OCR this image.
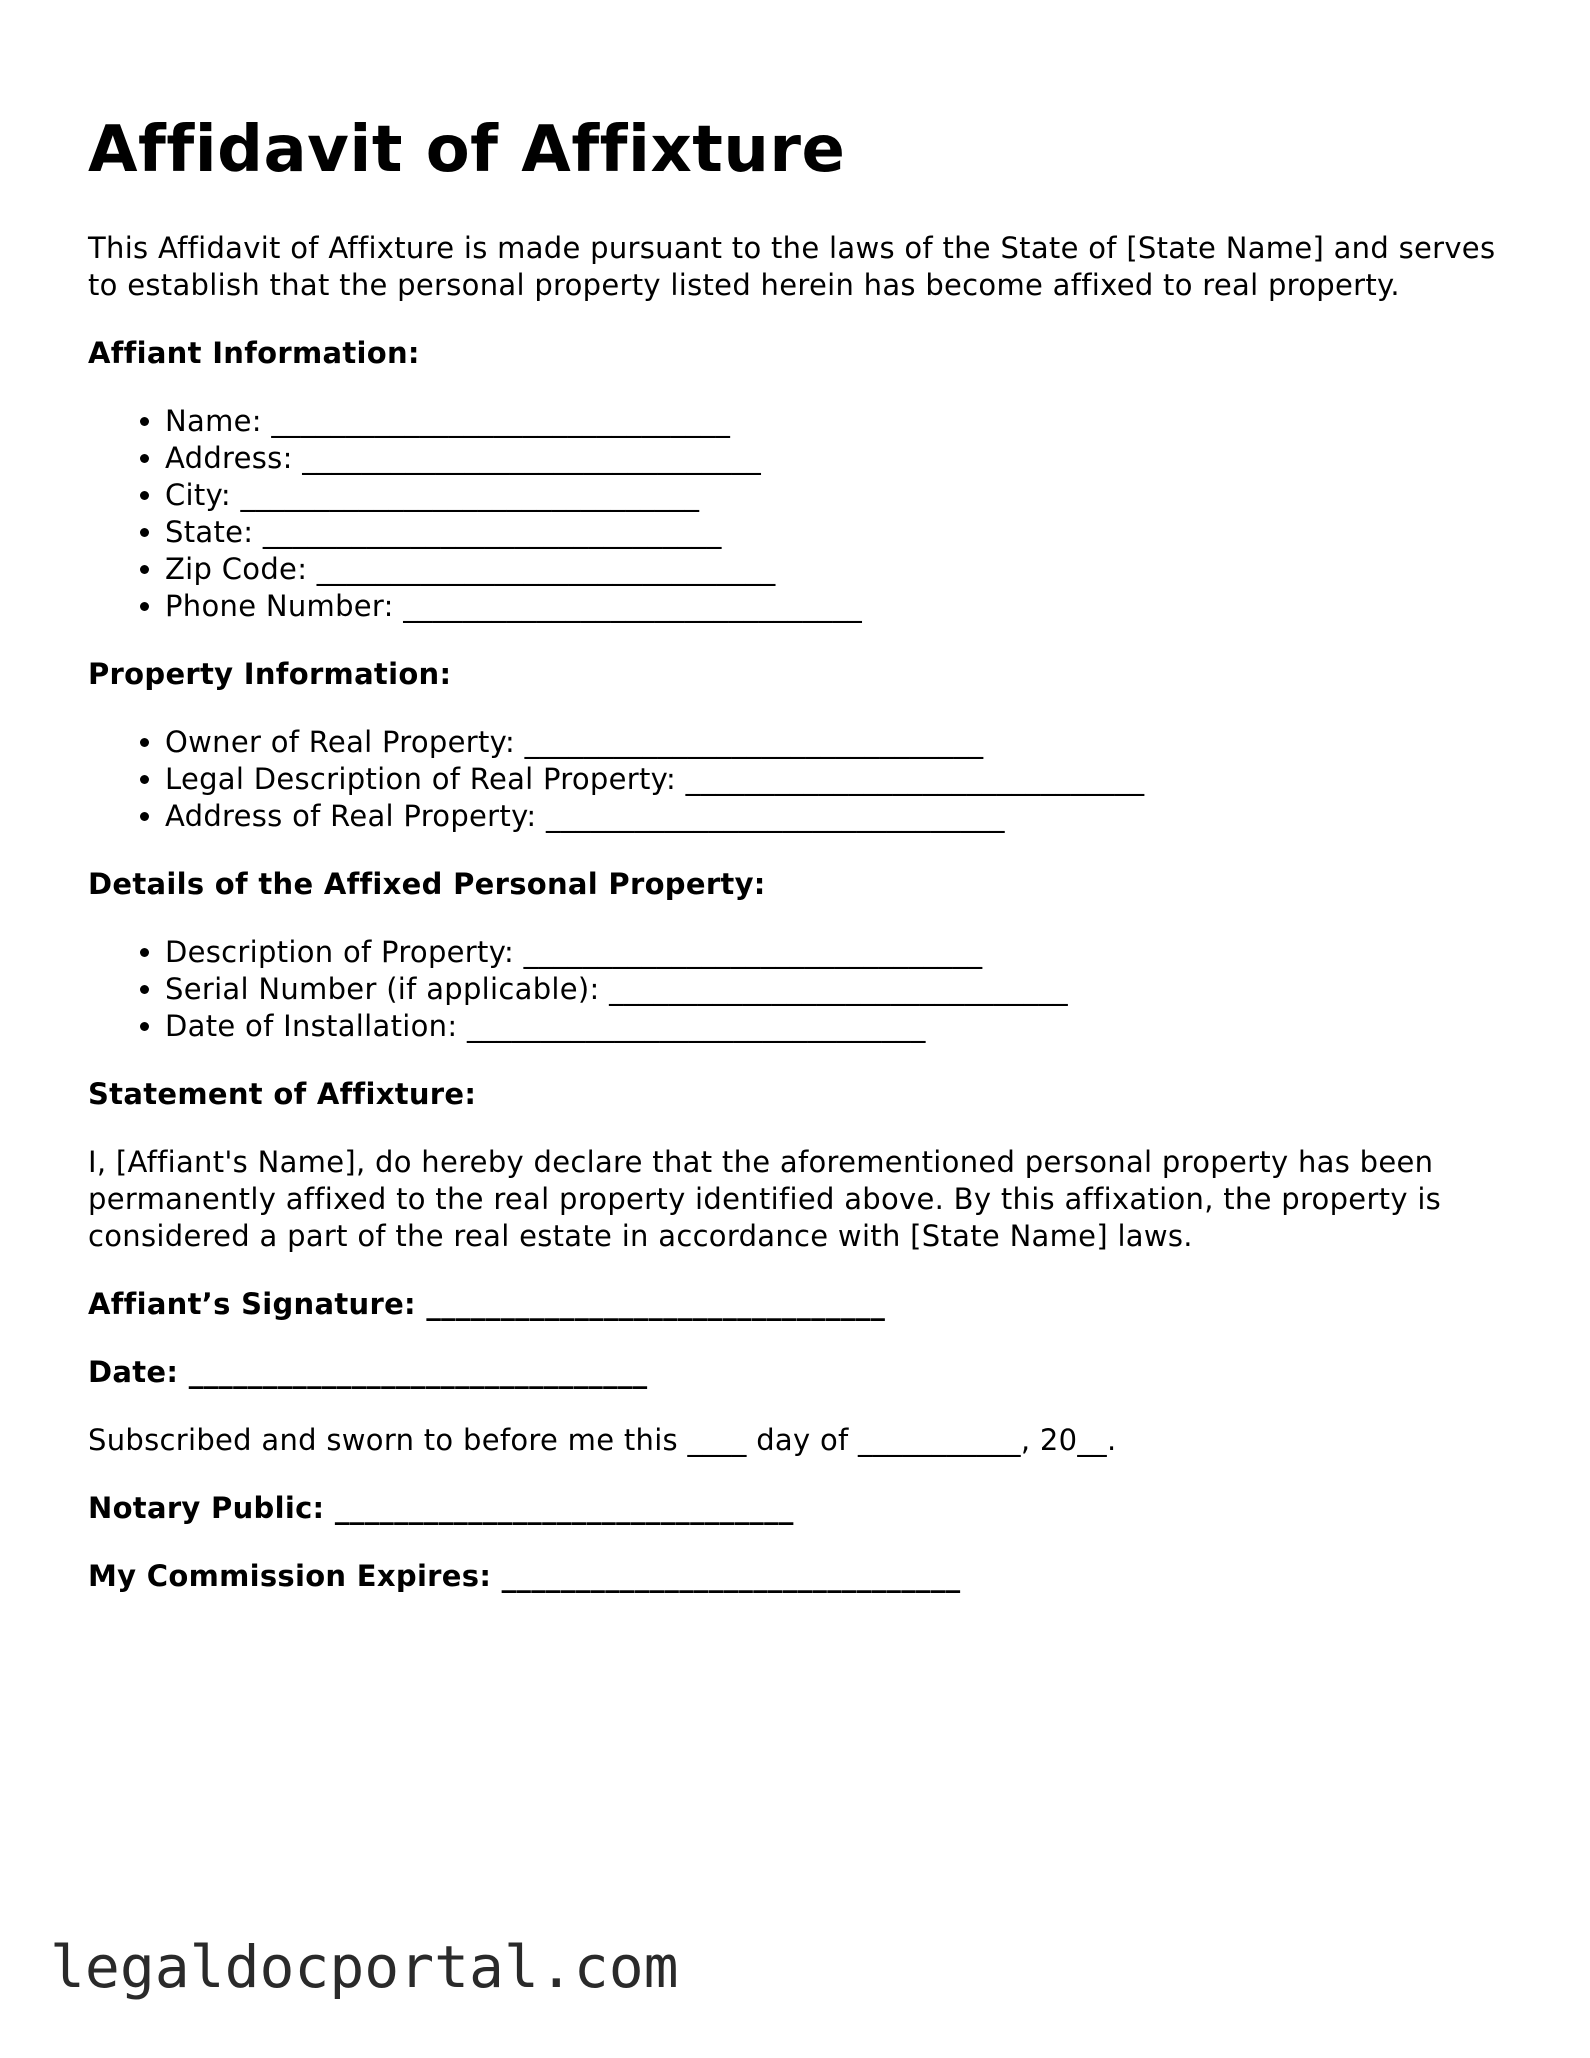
Affidavit of Affixture

This Affidavit of Affixture is made pursuant to the laws of the State of [State Name] and serves to establish that the personal property listed herein has become affixed to real property.

Affiant Information:
• Name: _______________________________
• Address: _______________________________
• City: _______________________________
• State: _______________________________
• Zip Code: _______________________________
• Phone Number: _______________________________
Property Information:
• Owner of Real Property: _______________________________
• Legal Description of Real Property: _______________________________
• Address of Real Property: _______________________________
Details of the Affixed Personal Property:
• Description of Property: _______________________________
• Serial Number (if applicable): _______________________________
• Date of Installation: _______________________________
Statement of Affixture:

I, [Affiant's Name], do hereby declare that the aforementioned personal property has been permanently affixed to the real property identified above. By this affixation, the property is considered a part of the real estate in accordance with [State Name] laws.

Affiant’s Signature: _______________________________

Date: _______________________________

Subscribed and sworn to before me this ____ day of ___________, 20__.

Notary Public: _______________________________

My Commission Expires: _______________________________

legaldocportal.com
